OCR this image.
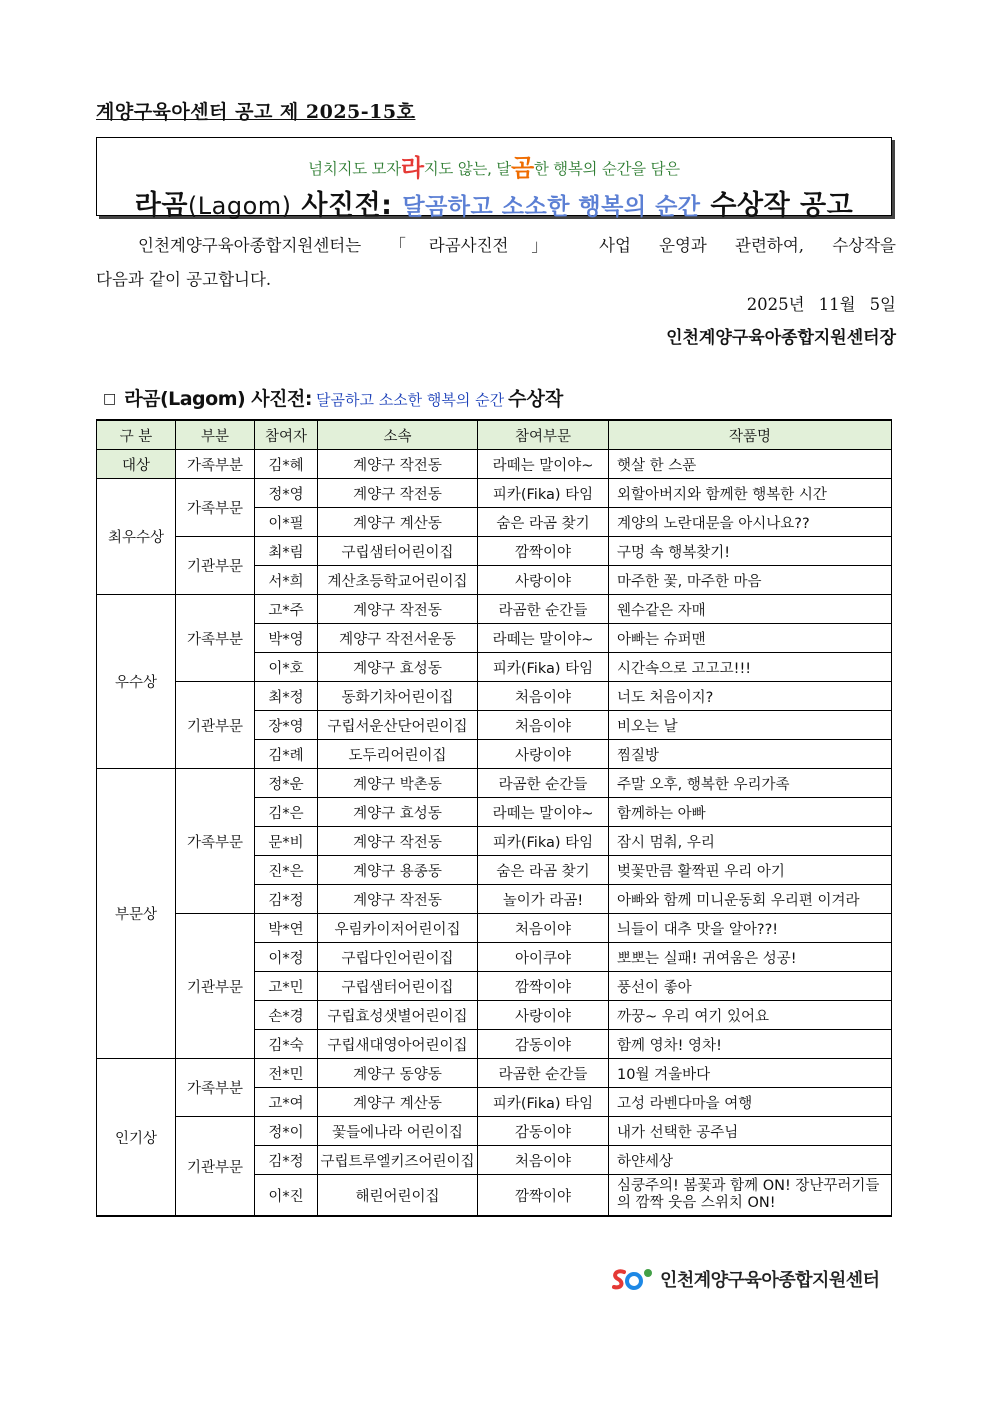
계양구육아센터 공고 제 2025-15호
넘치지도 모자라지도 않는, 달곰한 행복의 순간을 담은
라곰(Lagom) 사진전: 달곰하고 소소한 행복의 순간 수상작 공고
인천계양구육아종합지원센터는 「라곰사진전」 사업 운영과 관련하여, 수상작을
다음과 같이 공고합니다.
2025년 11월 5일
인천계양구육아종합지원센터장
□ 라곰(Lagom) 사진전: 달곰하고 소소한 행복의 순간 수상작
구 분	부분	참여자	소속	참여부문	작품명
대상	가족부분	김*혜	계양구 작전동	라떼는 말이야~	햇살 한 스푼
최우수상	가족부문	정*영	계양구 작전동	피카(Fika) 타임	외할아버지와 함께한 행복한 시간
		이*필	계양구 계산동	숨은 라곰 찾기	계양의 노란대문을 아시나요??
	기관부문	최*림	구립샘터어린이집	깜짝이야	구멍 속 행복찾기!
		서*희	계산초등학교어린이집	사랑이야	마주한 꽃, 마주한 마음
우수상	가족부분	고*주	계양구 작전동	라곰한 순간들	웬수같은 자매
		박*영	계양구 작전서운동	라떼는 말이야~	아빠는 슈퍼맨
		이*호	계양구 효성동	피카(Fika) 타임	시간속으로 고고고!!!
	기관부문	최*정	동화기차어린이집	처음이야	너도 처음이지?
		장*영	구립서운산단어린이집	처음이야	비오는 날
		김*례	도두리어린이집	사랑이야	찜질방
부문상	가족부문	정*운	계양구 박촌동	라곰한 순간들	주말 오후, 행복한 우리가족
		김*은	계양구 효성동	라떼는 말이야~	함께하는 아빠
		문*비	계양구 작전동	피카(Fika) 타임	잠시 멈춰, 우리
		진*은	계양구 용종동	숨은 라곰 찾기	벚꽃만큼 활짝핀 우리 아기
		김*정	계양구 작전동	놀이가 라곰!	아빠와 함께 미니운동회 우리편 이겨라
	기관부문	박*연	우림카이저어린이집	처음이야	늬들이 대추 맛을 알아??!
		이*정	구립다인어린이집	아이쿠야	뽀뽀는 실패! 귀여움은 성공!
		고*민	구립샘터어린이집	깜짝이야	풍선이 좋아
		손*경	구립효성샛별어린이집	사랑이야	까꿍~ 우리 여기 있어요
		김*숙	구립새대영아어린이집	감동이야	함께 영차! 영차!
인기상	가족부분	전*민	계양구 동양동	라곰한 순간들	10월 겨울바다
		고*여	계양구 계산동	피카(Fika) 타임	고성 라벤다마을 여행
	기관부문	정*이	꽃들에나라 어린이집	감동이야	내가 선택한 공주님
		김*정	구립트루엘키즈어린이집	처음이야	하얀세상
		이*진	해린어린이집	깜짝이야	심쿵주의! 봄꽃과 함께 ON! 장난꾸러기들의 깜짝 웃음 스위치 ON!
인천계양구육아종합지원센터
